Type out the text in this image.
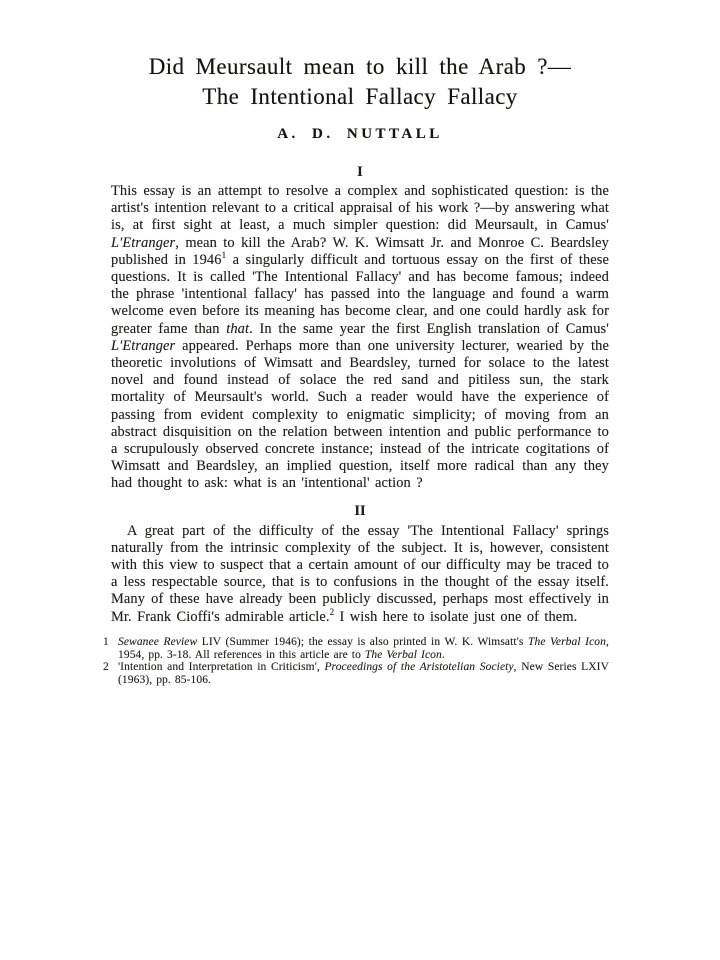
Did Meursault mean to kill the Arab ?—
The Intentional Fallacy Fallacy
A. D. NUTTALL
I

This essay is an attempt to resolve a complex and sophisticated question: is the artist's intention relevant to a critical appraisal of his work ?—by answering what is, at first sight at least, a much simpler question: did Meursault, in Camus' L'Etranger, mean to kill the Arab? W. K. Wimsatt Jr. and Monroe C. Beardsley published in 1946$^1$ a singularly difficult and tortuous essay on the first of these questions. It is called 'The Intentional Fallacy' and has become famous; indeed the phrase 'intentional fallacy' has passed into the language and found a warm welcome even before its meaning has become clear, and one could hardly ask for greater fame than that. In the same year the first English translation of Camus' L'Etranger appeared. Perhaps more than one university lecturer, wearied by the theoretic involutions of Wimsatt and Beardsley, turned for solace to the latest novel and found instead of solace the red sand and pitiless sun, the stark mortality of Meursault's world. Such a reader would have the experience of passing from evident complexity to enigmatic simplicity; of moving from an abstract disquisition on the relation between intention and public performance to a scrupulously observed concrete instance; instead of the intricate cogitations of Wimsatt and Beardsley, an implied question, itself more radical than any they had thought to ask: what is an 'intentional' action ?

II

A great part of the difficulty of the essay 'The Intentional Fallacy' springs naturally from the intrinsic complexity of the subject. It is, however, consistent with this view to suspect that a certain amount of our difficulty may be traced to a less respectable source, that is to confusions in the thought of the essay itself. Many of these have already been publicly discussed, perhaps most effectively in Mr. Frank Cioffi's admirable article.$^2$ I wish here to isolate just one of them.

1 Sewanee Review LIV (Summer 1946); the essay is also printed in W. K. Wimsatt's The Verbal Icon, 1954, pp. 3-18. All references in this article are to The Verbal Icon.
2 'Intention and Interpretation in Criticism', Proceedings of the Aristotelian Society, New Series LXIV (1963), pp. 85-106.
